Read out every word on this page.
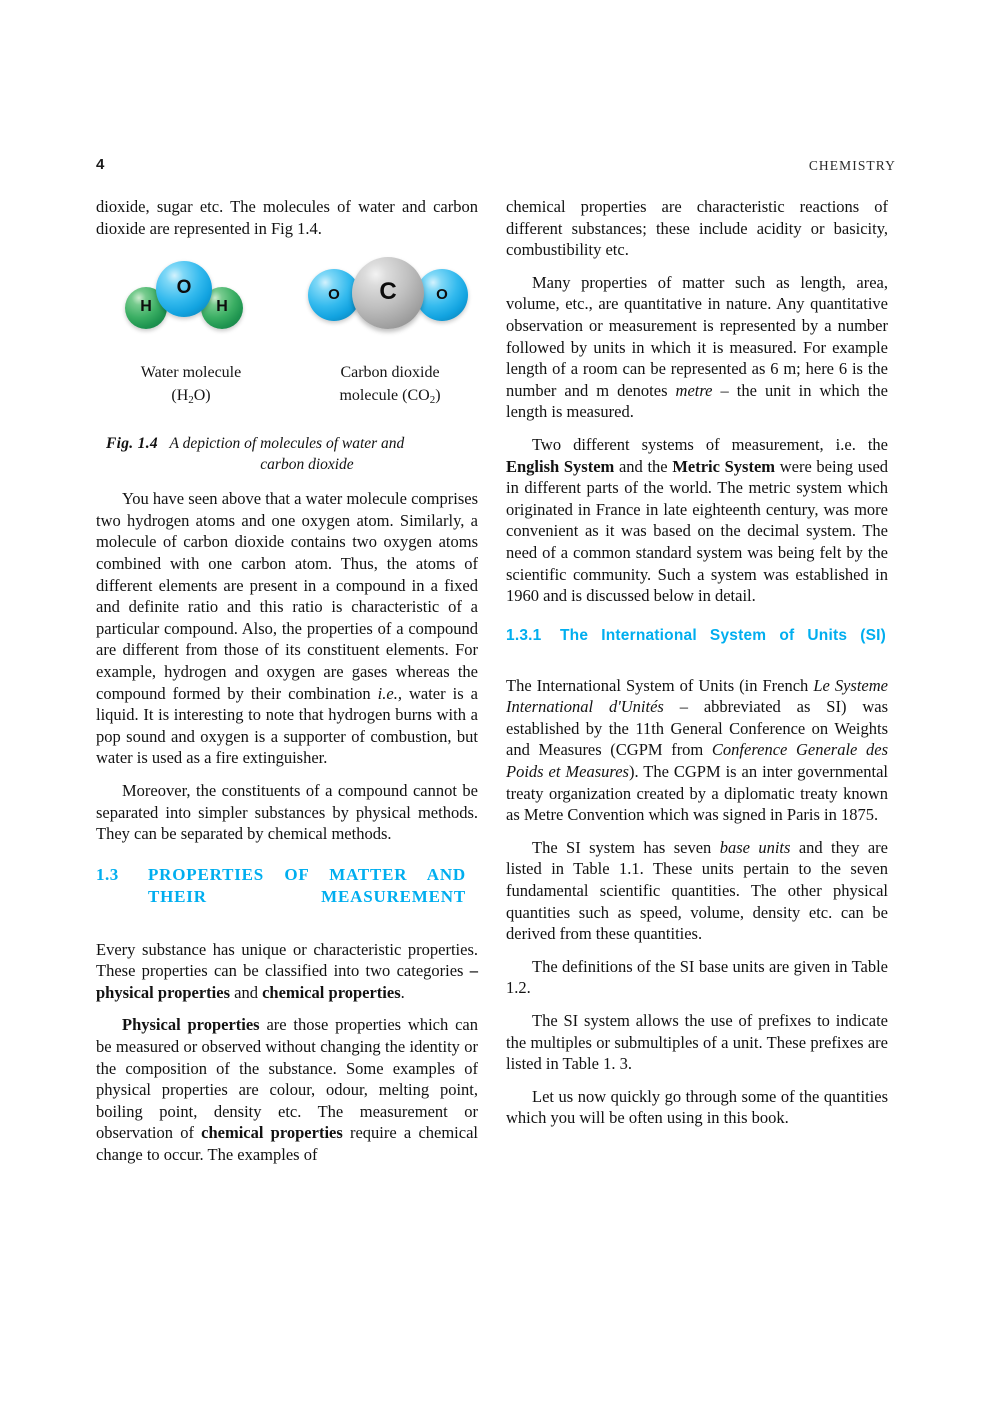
4	CHEMISTRY

dioxide, sugar etc. The molecules of water and carbon dioxide are represented in Fig 1.4.

H	H
O	O	O
C
Water molecule
$(H_2O)$
Carbon dioxide
molecule $(CO_2)$
Fig. 1.4 A depiction of molecules of water and
carbon dioxide

You have seen above that a water molecule comprises two hydrogen atoms and one oxygen atom. Similarly, a molecule of carbon dioxide contains two oxygen atoms combined with one carbon atom. Thus, the atoms of different elements are present in a compound in a fixed and definite ratio and this ratio is characteristic of a particular compound. Also, the properties of a compound are different from those of its constituent elements. For example, hydrogen and oxygen are gases whereas the compound formed by their combination i.e., water is a liquid. It is interesting to note that hydrogen burns with a pop sound and oxygen is a supporter of combustion, but water is used as a fire extinguisher.

Moreover, the constituents of a compound cannot be separated into simpler substances by physical methods. They can be separated by chemical methods.

1.3 PROPERTIES OF MATTER AND THEIR MEASUREMENT

Every substance has unique or characteristic properties. These properties can be classified into two categories – physical properties and chemical properties.

Physical properties are those properties which can be measured or observed without changing the identity or the composition of the substance. Some examples of physical properties are colour, odour, melting point, boiling point, density etc. The measurement or observation of chemical properties require a chemical change to occur. The examples of

chemical properties are characteristic reactions of different substances; these include acidity or basicity, combustibility etc.

Many properties of matter such as length, area, volume, etc., are quantitative in nature. Any quantitative observation or measurement is represented by a number followed by units in which it is measured. For example length of a room can be represented as 6 m; here 6 is the number and m denotes metre – the unit in which the length is measured.

Two different systems of measurement, i.e. the English System and the Metric System were being used in different parts of the world. The metric system which originated in France in late eighteenth century, was more convenient as it was based on the decimal system. The need of a common standard system was being felt by the scientific community. Such a system was established in 1960 and is discussed below in detail.

1.3.1 The International System of Units (SI)

The International System of Units (in French Le Systeme International d'Unités – abbreviated as SI) was established by the 11th General Conference on Weights and Measures (CGPM from Conference Generale des Poids et Measures). The CGPM is an inter governmental treaty organization created by a diplomatic treaty known as Metre Convention which was signed in Paris in 1875.

The SI system has seven base units and they are listed in Table 1.1. These units pertain to the seven fundamental scientific quantities. The other physical quantities such as speed, volume, density etc. can be derived from these quantities.

The definitions of the SI base units are given in Table 1.2.

The SI system allows the use of prefixes to indicate the multiples or submultiples of a unit. These prefixes are listed in Table 1. 3.

Let us now quickly go through some of the quantities which you will be often using in this book.
